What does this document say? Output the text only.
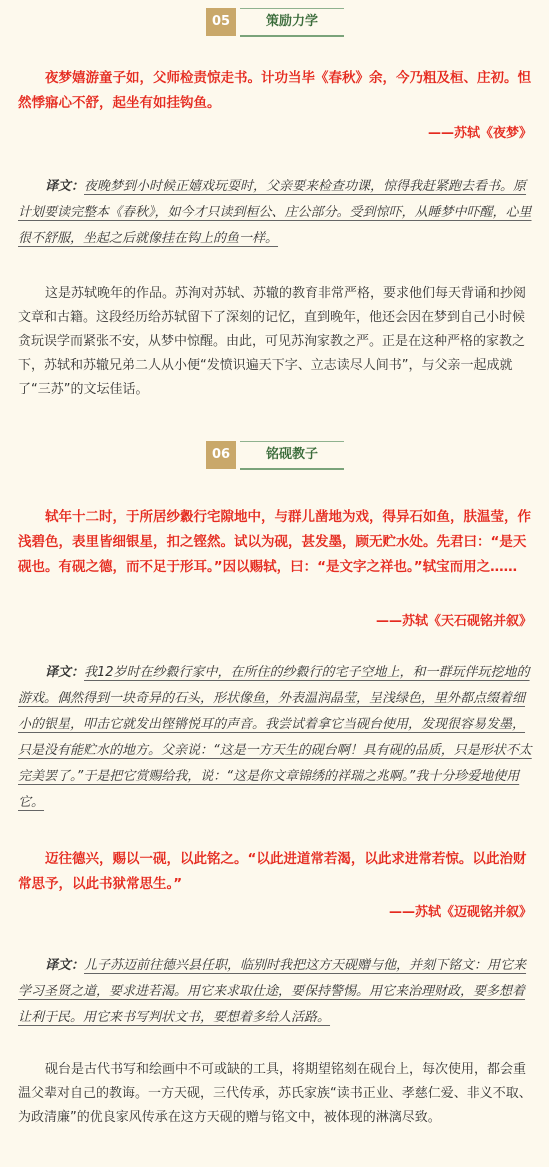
05	策励力学

夜梦嬉游童子如，父师检责惊走书。计功当毕《春秋》余，今乃粗及桓、庄初。怛然悸寤心不舒，起坐有如挂钩鱼。

——苏轼《夜梦》

译文：夜晚梦到小时候正嬉戏玩耍时，父亲要来检查功课，惊得我赶紧跑去看书。原计划要读完整本《春秋》，如今才只读到桓公、庄公部分。受到惊吓，从睡梦中吓醒，心里很不舒服，坐起之后就像挂在钩上的鱼一样。

这是苏轼晚年的作品。苏洵对苏轼、苏辙的教育非常严格，要求他们每天背诵和抄阅文章和古籍。这段经历给苏轼留下了深刻的记忆，直到晚年，他还会因在梦到自己小时候贪玩误学而紧张不安，从梦中惊醒。由此，可见苏洵家教之严。正是在这种严格的家教之下，苏轼和苏辙兄弟二人从小便“发愤识遍天下字、立志读尽人间书”，与父亲一起成就了“三苏”的文坛佳话。

06	铭砚教子

轼年十二时，于所居纱縠行宅隙地中，与群儿凿地为戏，得异石如鱼，肤温莹，作浅碧色，表里皆细银星，扣之铿然。试以为砚，甚发墨，顾无贮水处。先君曰：“是天砚也。有砚之德，而不足于形耳。”因以赐轼，曰：“是文字之祥也。”轼宝而用之……

——苏轼《天石砚铭并叙》

译文：我12岁时在纱縠行家中，在所住的纱縠行的宅子空地上，和一群玩伴玩挖地的游戏。偶然得到一块奇异的石头，形状像鱼，外表温润晶莹，呈浅绿色，里外都点缀着细小的银星，叩击它就发出铿锵悦耳的声音。我尝试着拿它当砚台使用，发现很容易发墨，只是没有能贮水的地方。父亲说：“这是一方天生的砚台啊！具有砚的品质，只是形状不太完美罢了。”于是把它赏赐给我，说：“这是你文章锦绣的祥瑞之兆啊。”我十分珍爱地使用它。

迈往德兴，赐以一砚，以此铭之。“以此进道常若渴，以此求进常若惊。以此治财常思予，以此书狱常思生。”

——苏轼《迈砚铭并叙》

译文：儿子苏迈前往德兴县任职，临别时我把这方天砚赠与他，并刻下铭文：用它来学习圣贤之道，要求进若渴。用它来求取仕途，要保持警惕。用它来治理财政，要多想着让利于民。用它来书写判状文书，要想着多给人活路。

砚台是古代书写和绘画中不可或缺的工具，将期望铭刻在砚台上，每次使用，都会重温父辈对自己的教诲。一方天砚，三代传承，苏氏家族“读书正业、孝慈仁爱、非义不取、为政清廉”的优良家风传承在这方天砚的赠与铭文中，被体现的淋漓尽致。
